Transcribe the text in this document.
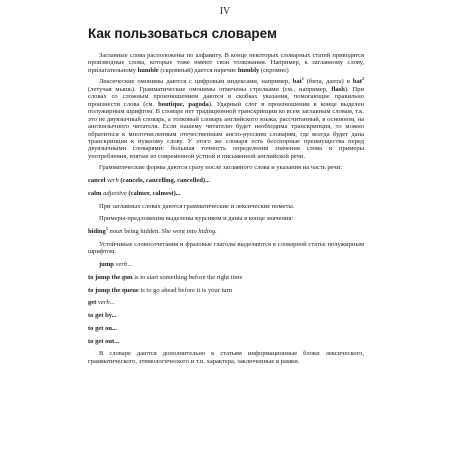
IV
Как пользоваться словарем

Заглавные слова расположены по алфавиту. В конце некоторых словарных статей приводятся производные слова, которые тоже имеют свои толкования. Например, к заглавному слову, прилагательному humble (скромный) дается наречие humbly (скромно)

Лексические омонимы даются с цифровым индексами, например, bat$^1$ (бита, дапта) и bat$^2$ (летучая мышь). Грамматические омонимы отмечены стрелками (см., например, flash). При словах со сложным произношением даются в скобках указания, помогающие правильно произнести слова (см. boutique, pagoda). Ударный слог в произношении в конце выделен полужирным шрифтом. В словаре нет традиционной транскрипции ко всем заглавным словам, т.к. это не двуязычный словарь, а толковый словарь английского языка, рассчитанный, в основном, на англоязычного читателя. Если нашему читателю будет необходима транскрипция, то можно обратиться к многочисленным отечественным англо-русским словарям, где всегда будет дана транскрипция к нужному слову. У этого же словаря есть бесспорные преимущества перед двуязычными словарями: большая точность определения значения слова и примеры употребления, взятые из современной устной и письменной английской речи.

Грамматические формы даются сразу после заглавного слова и указания на часть речи:

cancel verb (cancels, cancelling, cancelled)...

calm adjective (calmer, calmest)...

При заглавных словах даются грамматические и лексические пометы.

Примеры-предложения выделены курсивом и даны в конце значения:

hiding$^1$ noun being hidden. She went into hiding.

Устойчивые словосочетания и фразовые глаголы выделяются в словарной статье полужирным шрифтом:

jump verb...

to jump the gun is to start something before the right time

to jump the queue is to go ahead before it is your turn

get verb...

to get by...

to get on...

to get out...

В словаре даются дополнительно к статьям информационные блоки лексического, грамматического, этимологического и т.п. характера, заключенные в рамки.
